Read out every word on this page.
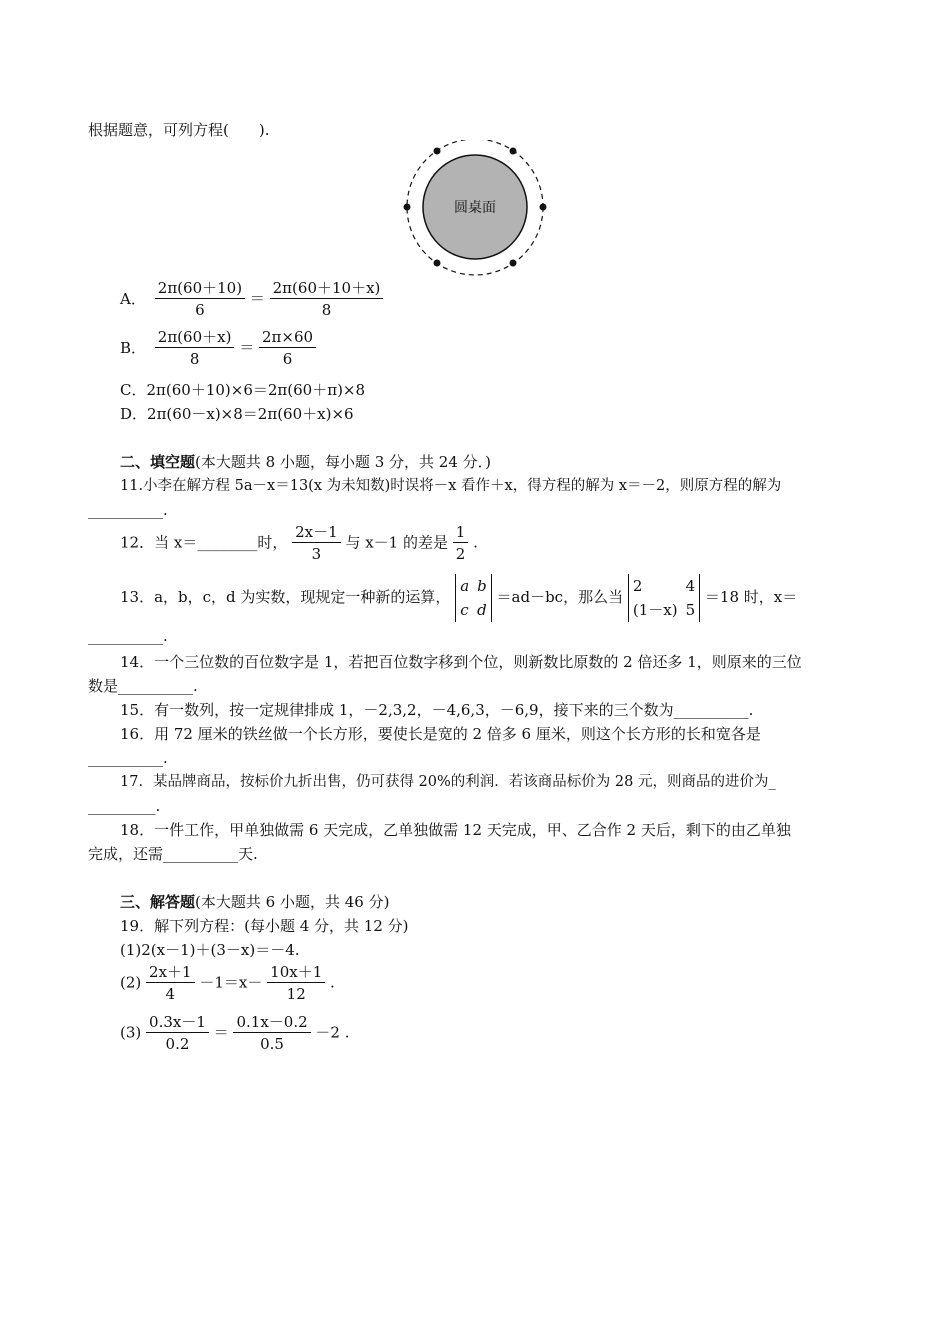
根据题意，可列方程(　　).
圆桌面
A． $\frac{2\pi(60+10)}{6} = \frac{2\pi(60+10+x)}{8}$
B． $\frac{2\pi(60+x)}{8} = \frac{2\pi\times 60}{6}$
C．2π(60＋10)×6＝2π(60＋π)×8
D．2π(60－x)×8＝2π(60＋x)×6
二、填空题(本大题共 8 小题，每小题 3 分，共 24 分．)
11.小李在解方程 5a－x＝13(x 为未知数)时误将－x 看作＋x，得方程的解为 x＝－2，则原方程的解为
__________.
12．当 x＝________时， $\frac{2x-1}{3}$ 与 x－1 的差是 $\frac{1}{2}$ .
13．a，b，c，d 为实数，现规定一种新的运算，
a b
c d
＝ad－bc，那么当
2	4
(1－x) 5
＝18 时，x＝
__________.
14．一个三位数的百位数字是 1，若把百位数字移到个位，则新数比原数的 2 倍还多 1，则原来的三位
数是__________.
15．有一数列，按一定规律排成 1，－2,3,2，－4,6,3，－6,9，接下来的三个数为__________.
16．用 72 厘米的铁丝做一个长方形，要使长是宽的 2 倍多 6 厘米，则这个长方形的长和宽各是
__________.
17．某品牌商品，按标价九折出售，仍可获得 20%的利润．若该商品标价为 28 元，则商品的进价为_
_________.
18．一件工作，甲单独做需 6 天完成，乙单独做需 12 天完成，甲、乙合作 2 天后，剩下的由乙单独
完成，还需__________天.
三、解答题(本大题共 6 小题，共 46 分)
19．解下列方程：(每小题 4 分，共 12 分)
(1)2(x－1)＋(3－x)＝－4.
$(2) \frac{2x+1}{4} -1=x- \frac{10x+1}{12}$ .
$(3) \frac{0.3x-1}{0.2} = \frac{0.1x-0.2}{0.5} -2$ .
